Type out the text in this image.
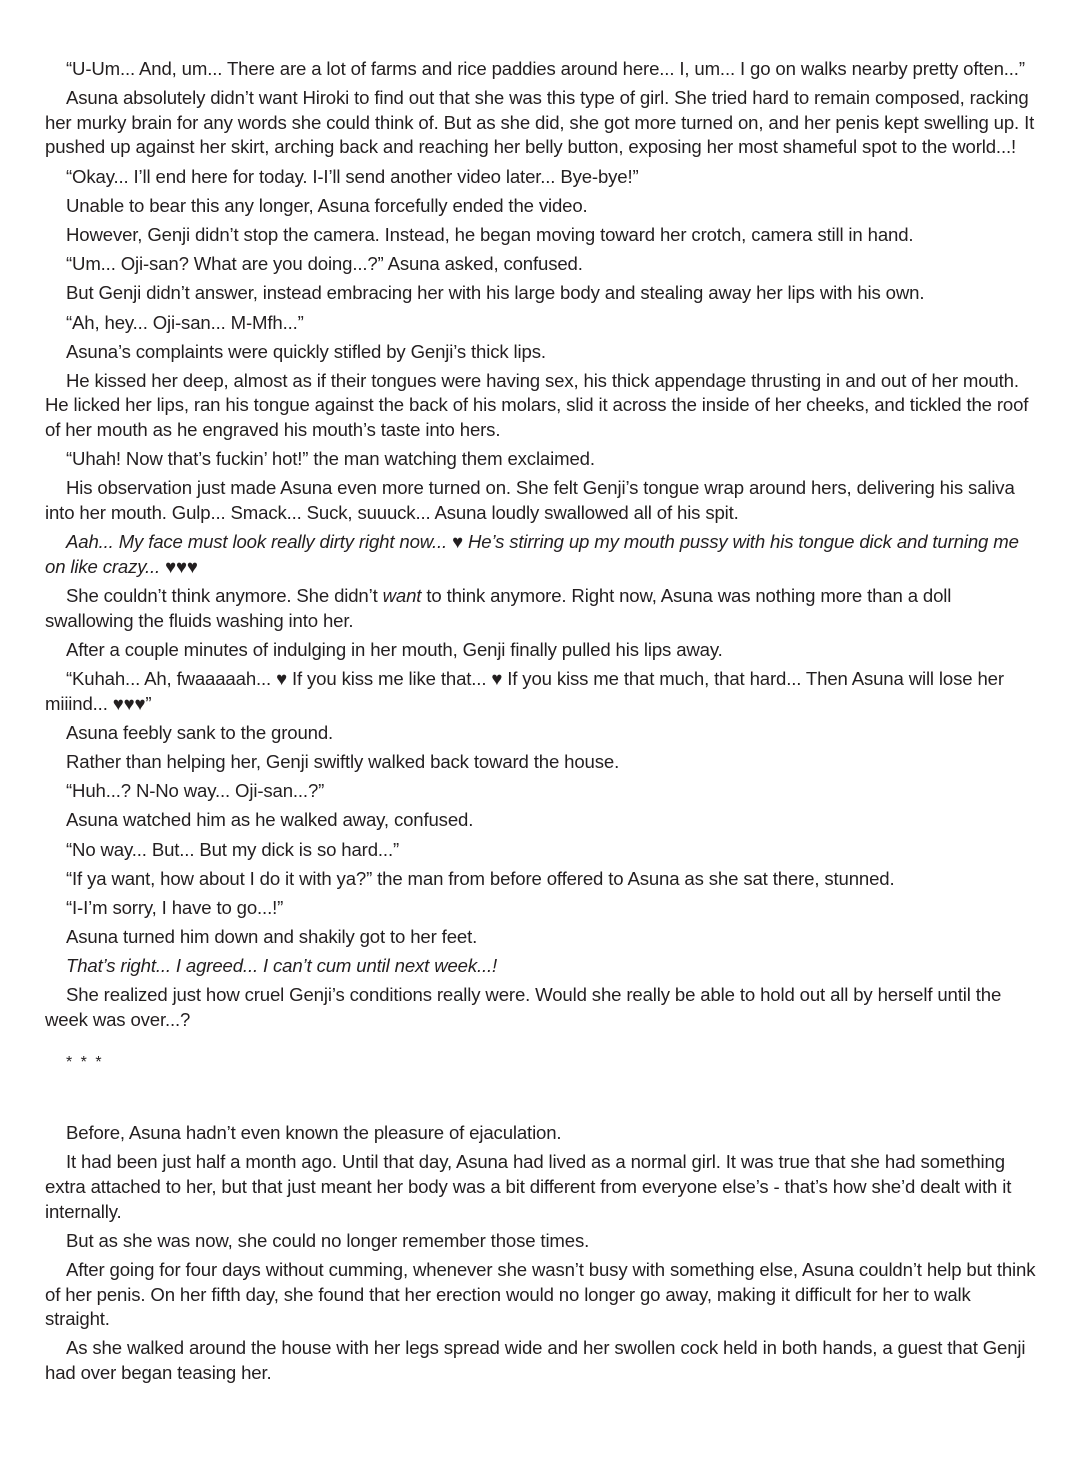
“U-Um... And, um... There are a lot of farms and rice paddies around here... I, um... I go on walks nearby pretty often...”

Asuna absolutely didn’t want Hiroki to find out that she was this type of girl. She tried hard to remain composed, racking her murky brain for any words she could think of. But as she did, she got more turned on, and her penis kept swelling up. It pushed up against her skirt, arching back and reaching her belly button, exposing her most shameful spot to the world...!

“Okay... I’ll end here for today. I-I’ll send another video later... Bye-bye!”

Unable to bear this any longer, Asuna forcefully ended the video.

However, Genji didn’t stop the camera. Instead, he began moving toward her crotch, camera still in hand.

“Um... Oji-san? What are you doing...?” Asuna asked, confused.

But Genji didn’t answer, instead embracing her with his large body and stealing away her lips with his own.

“Ah, hey... Oji-san... M-Mfh...”

Asuna’s complaints were quickly stifled by Genji’s thick lips.

He kissed her deep, almost as if their tongues were having sex, his thick appendage thrusting in and out of her mouth. He licked her lips, ran his tongue against the back of his molars, slid it across the inside of her cheeks, and tickled the roof of her mouth as he engraved his mouth’s taste into hers.

“Uhah! Now that’s fuckin’ hot!” the man watching them exclaimed.

His observation just made Asuna even more turned on. She felt Genji’s tongue wrap around hers, delivering his saliva into her mouth. Gulp... Smack... Suck, suuuck... Asuna loudly swallowed all of his spit.

Aah... My face must look really dirty right now... ♥ He’s stirring up my mouth pussy with his tongue dick and turning me on like crazy... ♥♥♥

She couldn’t think anymore. She didn’t want to think anymore. Right now, Asuna was nothing more than a doll swallowing the fluids washing into her.

After a couple minutes of indulging in her mouth, Genji finally pulled his lips away.

“Kuhah... Ah, fwaaaaah... ♥ If you kiss me like that... ♥ If you kiss me that much, that hard... Then Asuna will lose her miiind... ♥♥♥”

Asuna feebly sank to the ground.

Rather than helping her, Genji swiftly walked back toward the house.

“Huh...? N-No way... Oji-san...?”

Asuna watched him as he walked away, confused.

“No way... But... But my dick is so hard...”

“If ya want, how about I do it with ya?” the man from before offered to Asuna as she sat there, stunned.

“I-I’m sorry, I have to go...!”

Asuna turned him down and shakily got to her feet.

That’s right... I agreed... I can’t cum until next week...!

She realized just how cruel Genji’s conditions really were. Would she really be able to hold out all by herself until the week was over...?

* * *

Before, Asuna hadn’t even known the pleasure of ejaculation.

It had been just half a month ago. Until that day, Asuna had lived as a normal girl. It was true that she had something extra attached to her, but that just meant her body was a bit different from everyone else’s - that’s how she’d dealt with it internally.

But as she was now, she could no longer remember those times.

After going for four days without cumming, whenever she wasn’t busy with something else, Asuna couldn’t help but think of her penis. On her fifth day, she found that her erection would no longer go away, making it difficult for her to walk straight.

As she walked around the house with her legs spread wide and her swollen cock held in both hands, a guest that Genji had over began teasing her.
